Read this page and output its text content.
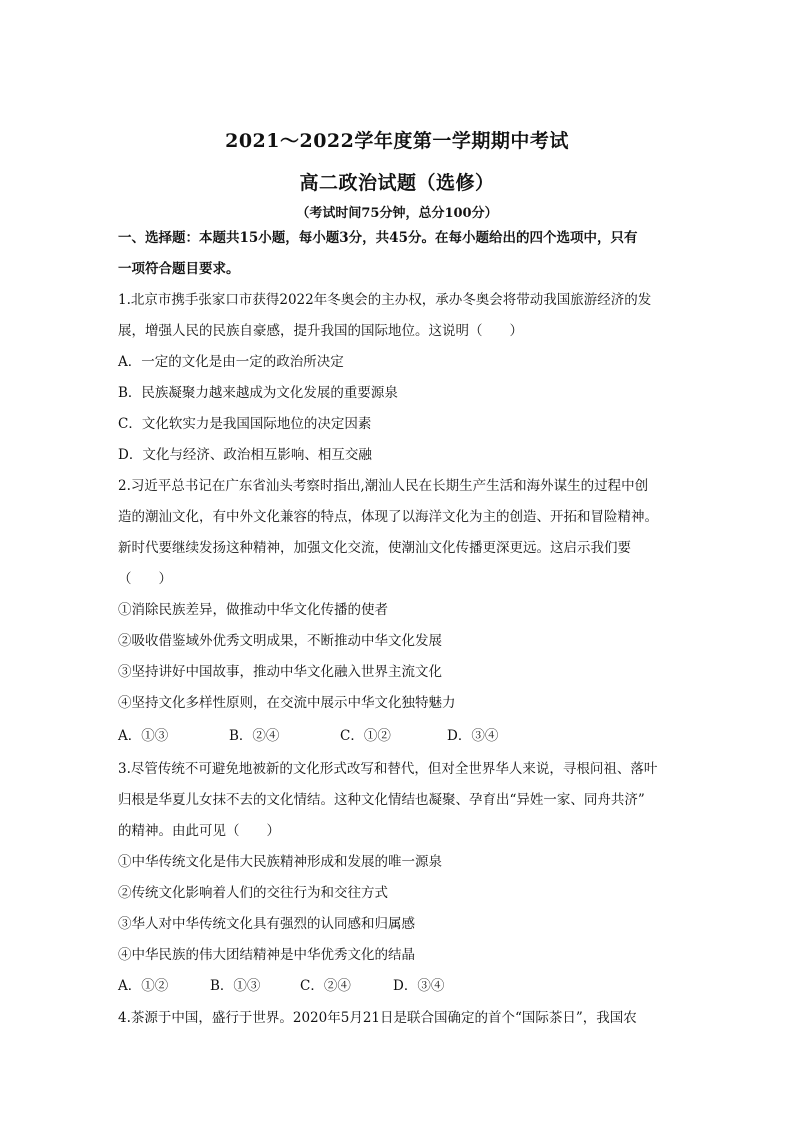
2021～2022学年度第一学期期中考试
高二政治试题（选修）
（考试时间75分钟，总分100分）
一、选择题：本题共15小题，每小题3分，共45分。在每小题给出的四个选项中，只有
一项符合题目要求。
1.北京市携手张家口市获得2022年冬奥会的主办权，承办冬奥会将带动我国旅游经济的发
展，增强人民的民族自豪感，提升我国的国际地位。这说明（　　）
A．一定的文化是由一定的政治所决定
B．民族凝聚力越来越成为文化发展的重要源泉
C．文化软实力是我国国际地位的决定因素
D．文化与经济、政治相互影响、相互交融
2.习近平总书记在广东省汕头考察时指出,潮汕人民在长期生产生活和海外谋生的过程中创
造的潮汕文化，有中外文化兼容的特点，体现了以海洋文化为主的创造、开拓和冒险精神。
新时代要继续发扬这种精神，加强文化交流，使潮汕文化传播更深更远。这启示我们要
（　　）
①消除民族差异，做推动中华文化传播的使者
②吸收借鉴域外优秀文明成果，不断推动中华文化发展
③坚持讲好中国故事，推动中华文化融入世界主流文化
④坚持文化多样性原则，在交流中展示中华文化独特魅力
A．①③	B．②④	C．①②	D．③④
3.尽管传统不可避免地被新的文化形式改写和替代，但对全世界华人来说，寻根问祖、落叶
归根是华夏儿女抹不去的文化情结。这种文化情结也凝聚、孕育出“异姓一家、同舟共济”
的精神。由此可见（　　）
①中华传统文化是伟大民族精神形成和发展的唯一源泉
②传统文化影响着人们的交往行为和交往方式
③华人对中华传统文化具有强烈的认同感和归属感
④中华民族的伟大团结精神是中华优秀文化的结晶
A．①②	B．①③	C．②④	D．③④
4.茶源于中国，盛行于世界。2020年5月21日是联合国确定的首个“国际茶日”，我国农
